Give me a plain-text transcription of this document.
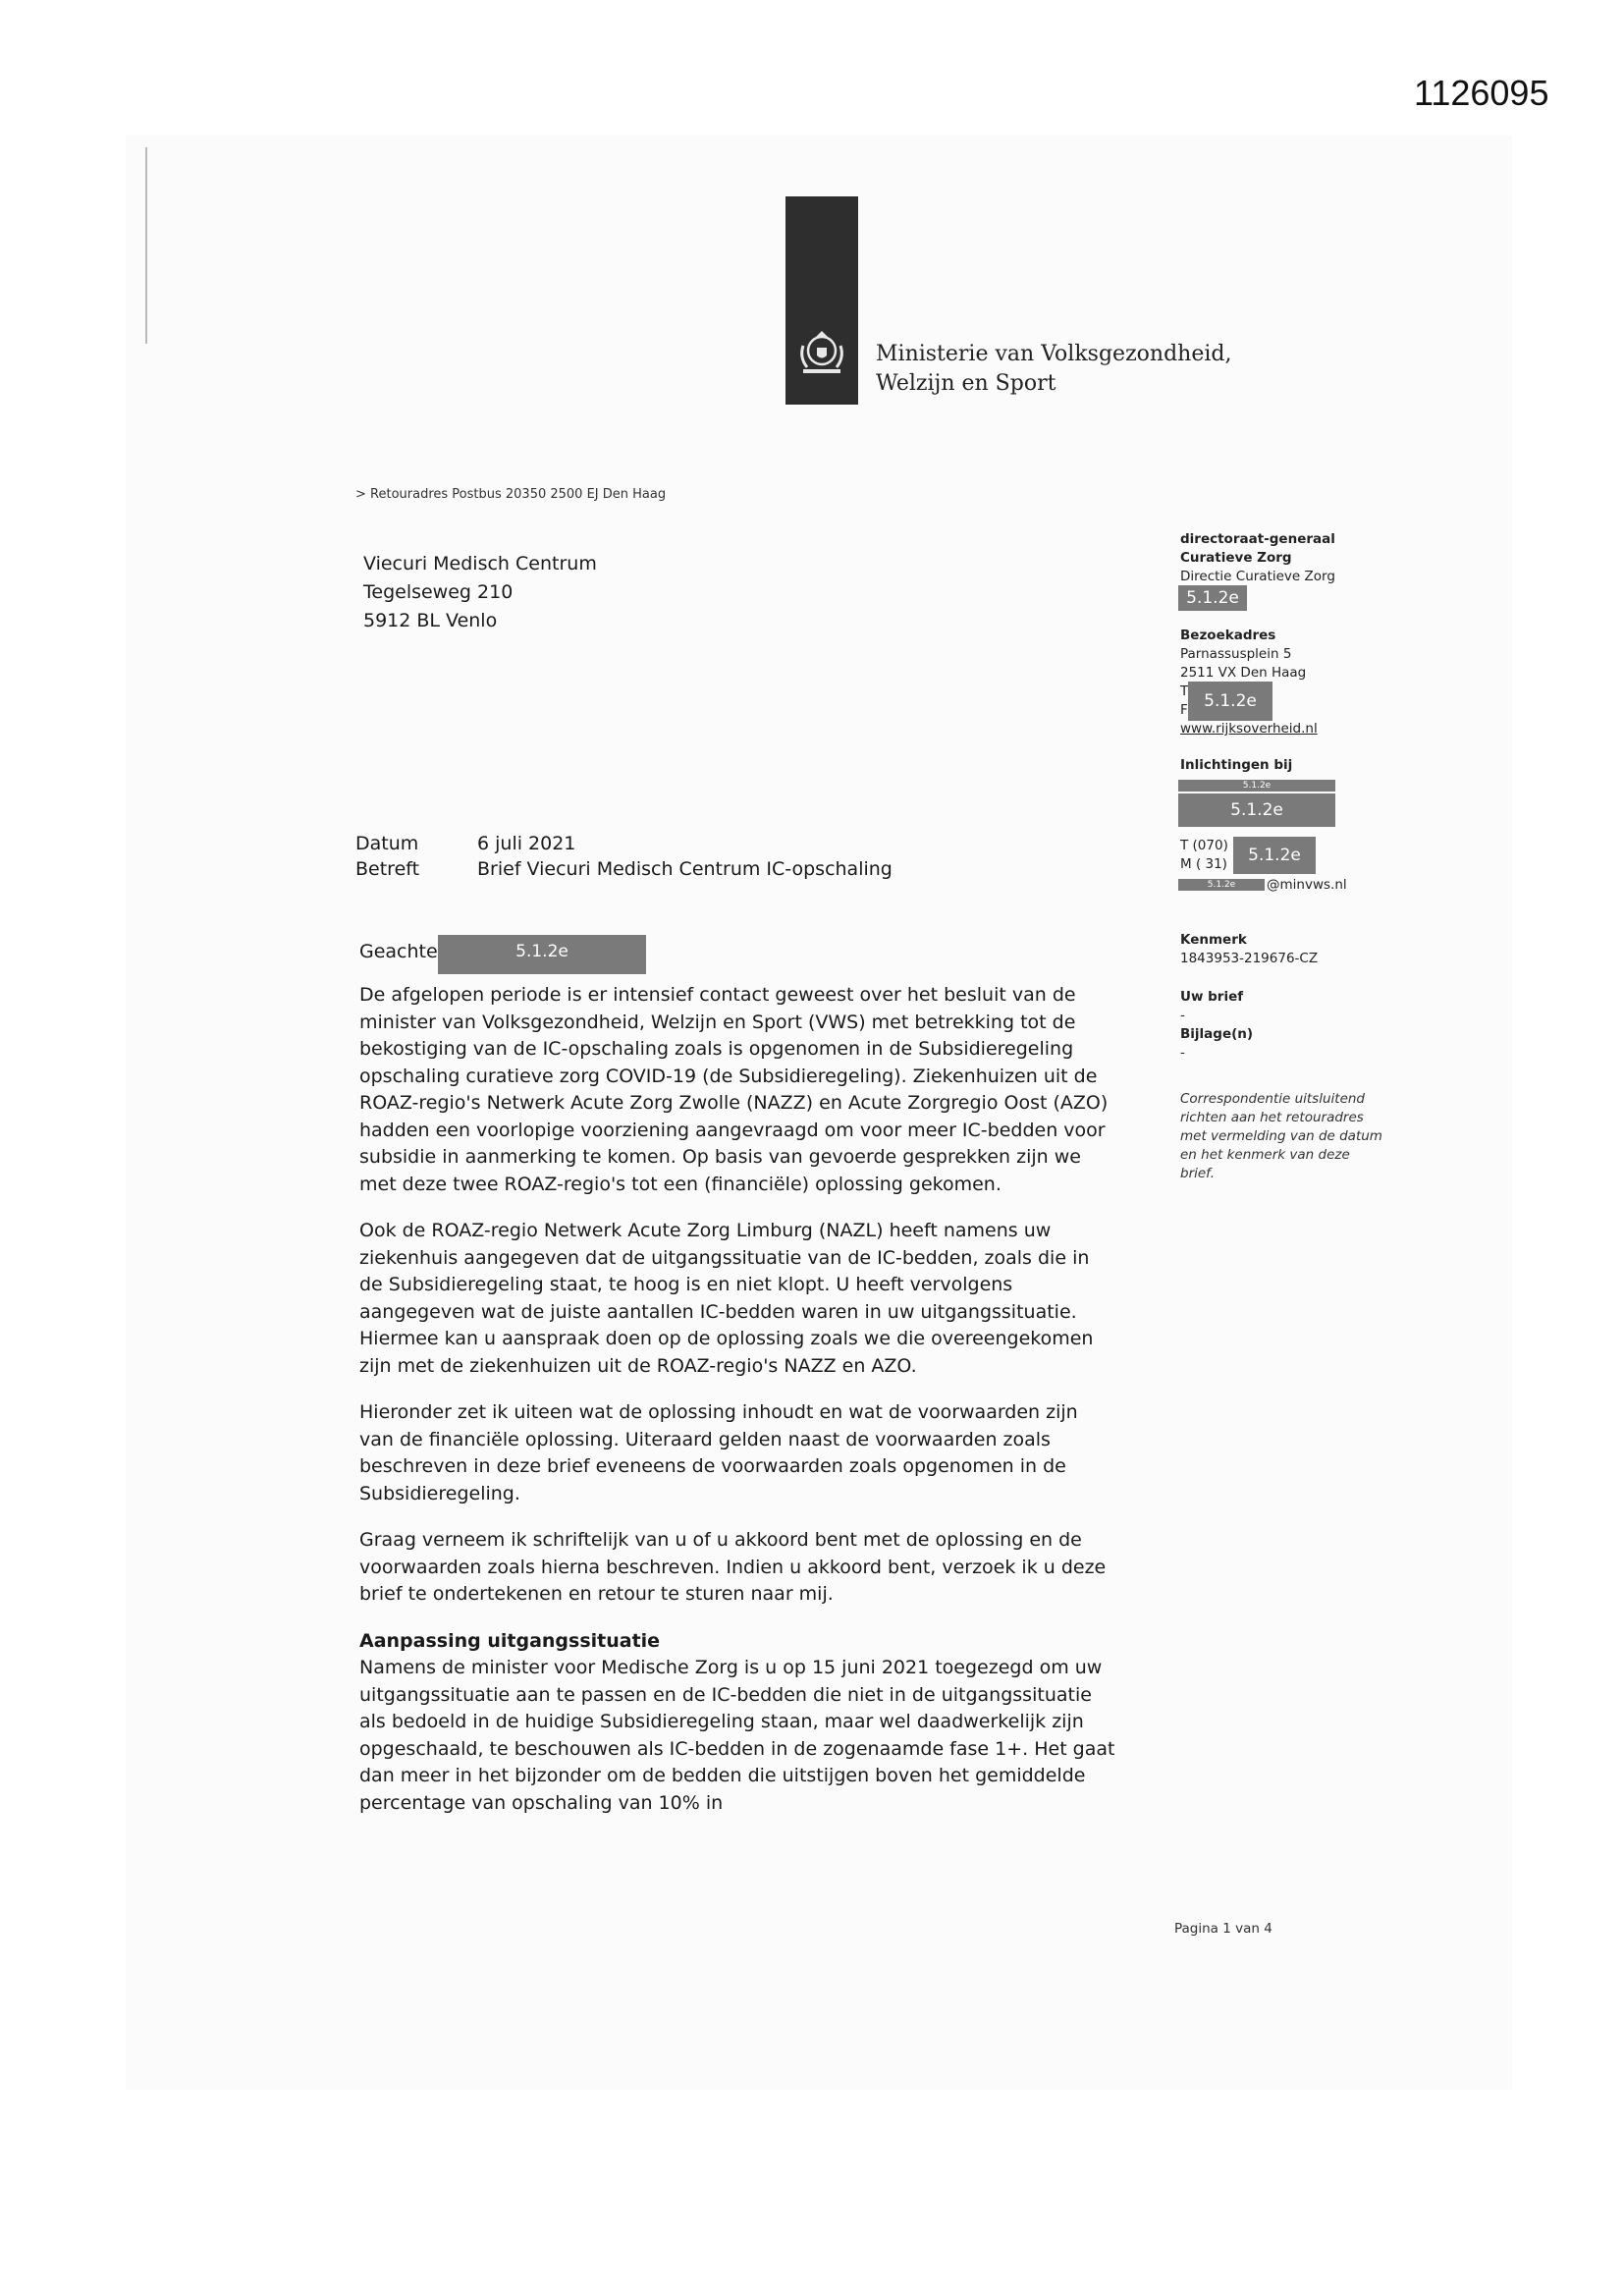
1126095
Ministerie van Volksgezondheid,
Welzijn en Sport
> Retouradres Postbus 20350 2500 EJ Den Haag
Viecuri Medisch Centrum
Tegelseweg 210
5912 BL Venlo
directoraat-generaal
Curatieve Zorg
Directie Curatieve Zorg
5.1.2e
Bezoekadres
Parnassusplein 5
2511 VX Den Haag
T
F
www.rijksoverheid.nl
5.1.2e
Inlichtingen bij
5.1.2e
5.1.2e
T (070)
M ( 31)	5.1.2e
5.1.2e	@minvws.nl
Kenmerk
1843953-219676-CZ
Uw brief
-
Bijlage(n)
-
Correspondentie uitsluitend richten aan het retouradres met vermelding van de datum en het kenmerk van deze brief.
Datum	6 juli 2021
Betreft	Brief Viecuri Medisch Centrum IC-opschaling
Geachte	5.1.2e

De afgelopen periode is er intensief contact geweest over het besluit van de minister van Volksgezondheid, Welzijn en Sport (VWS) met betrekking tot de bekostiging van de IC-opschaling zoals is opgenomen in de Subsidieregeling opschaling curatieve zorg COVID-19 (de Subsidieregeling). Ziekenhuizen uit de ROAZ-regio's Netwerk Acute Zorg Zwolle (NAZZ) en Acute Zorgregio Oost (AZO) hadden een voorlopige voorziening aangevraagd om voor meer IC-bedden voor subsidie in aanmerking te komen. Op basis van gevoerde gesprekken zijn we met deze twee ROAZ-regio's tot een (financiële) oplossing gekomen.

Ook de ROAZ-regio Netwerk Acute Zorg Limburg (NAZL) heeft namens uw ziekenhuis aangegeven dat de uitgangssituatie van de IC-bedden, zoals die in de Subsidieregeling staat, te hoog is en niet klopt. U heeft vervolgens aangegeven wat de juiste aantallen IC-bedden waren in uw uitgangssituatie. Hiermee kan u aanspraak doen op de oplossing zoals we die overeengekomen zijn met de ziekenhuizen uit de ROAZ-regio's NAZZ en AZO.

Hieronder zet ik uiteen wat de oplossing inhoudt en wat de voorwaarden zijn van de financiële oplossing. Uiteraard gelden naast de voorwaarden zoals beschreven in deze brief eveneens de voorwaarden zoals opgenomen in de Subsidieregeling.

Graag verneem ik schriftelijk van u of u akkoord bent met de oplossing en de voorwaarden zoals hierna beschreven. Indien u akkoord bent, verzoek ik u deze brief te ondertekenen en retour te sturen naar mij.

Aanpassing uitgangssituatie

Namens de minister voor Medische Zorg is u op 15 juni 2021 toegezegd om uw uitgangssituatie aan te passen en de IC-bedden die niet in de uitgangssituatie als bedoeld in de huidige Subsidieregeling staan, maar wel daadwerkelijk zijn opgeschaald, te beschouwen als IC-bedden in de zogenaamde fase 1+. Het gaat dan meer in het bijzonder om de bedden die uitstijgen boven het gemiddelde percentage van opschaling van 10% in

Pagina 1 van 4
